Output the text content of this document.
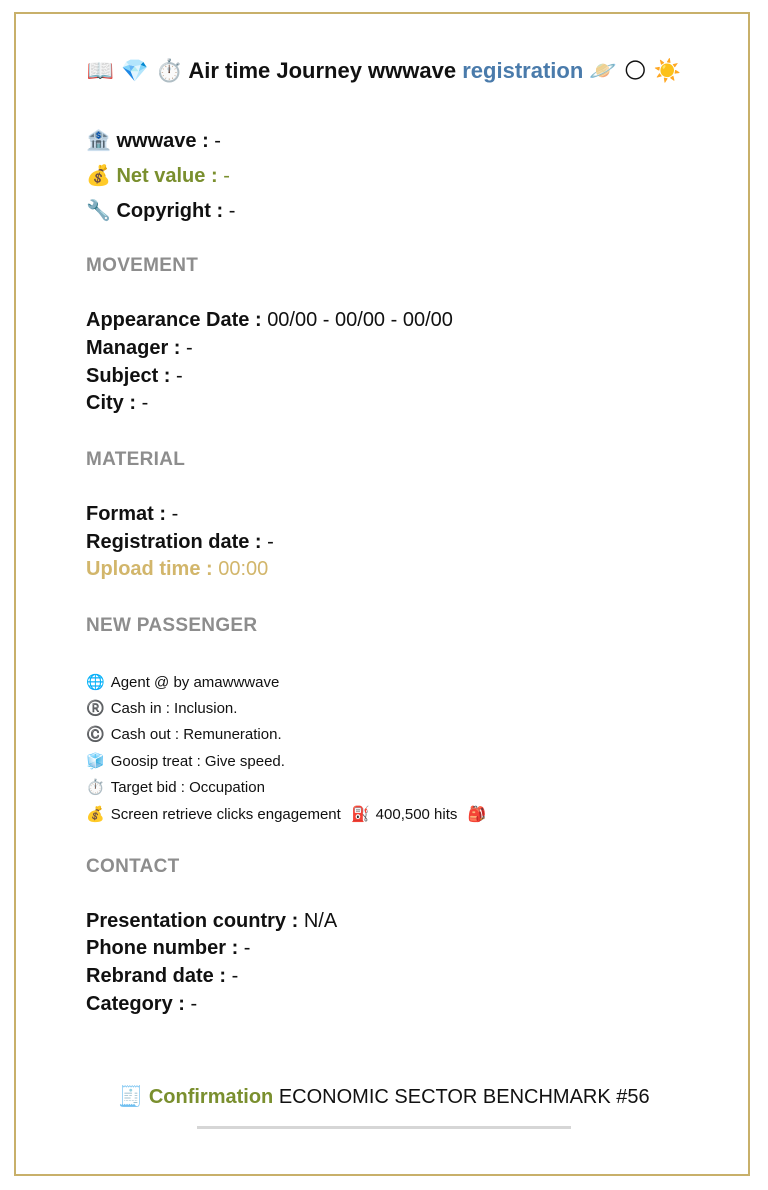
📖 💎 ⏱️ Air time Journey wwwave registration 🪐 🌕 ☀️
🏦 wwwave : -
💰 Net value : -
🔧 Copyright : -
MOVEMENT
Appearance Date : 00/00 - 00/00 - 00/00
Manager : -
Subject : -
City : -
MATERIAL
Format : -
Registration date : -
Upload time : 00:00
NEW PASSENGER
🌐 Agent @ by amawwwave
®️ Cash in : Inclusion.
©️ Cash out : Remuneration.
🧊 Goosip treat : Give speed.
⏱️ Target bid : Occupation
💰 Screen retrieve clicks engagement ⛽ 400,500 hits 🎒
CONTACT
Presentation country : N/A
Phone number : -
Rebrand date : -
Category : -
🧾 Confirmation ECONOMIC SECTOR BENCHMARK #56
